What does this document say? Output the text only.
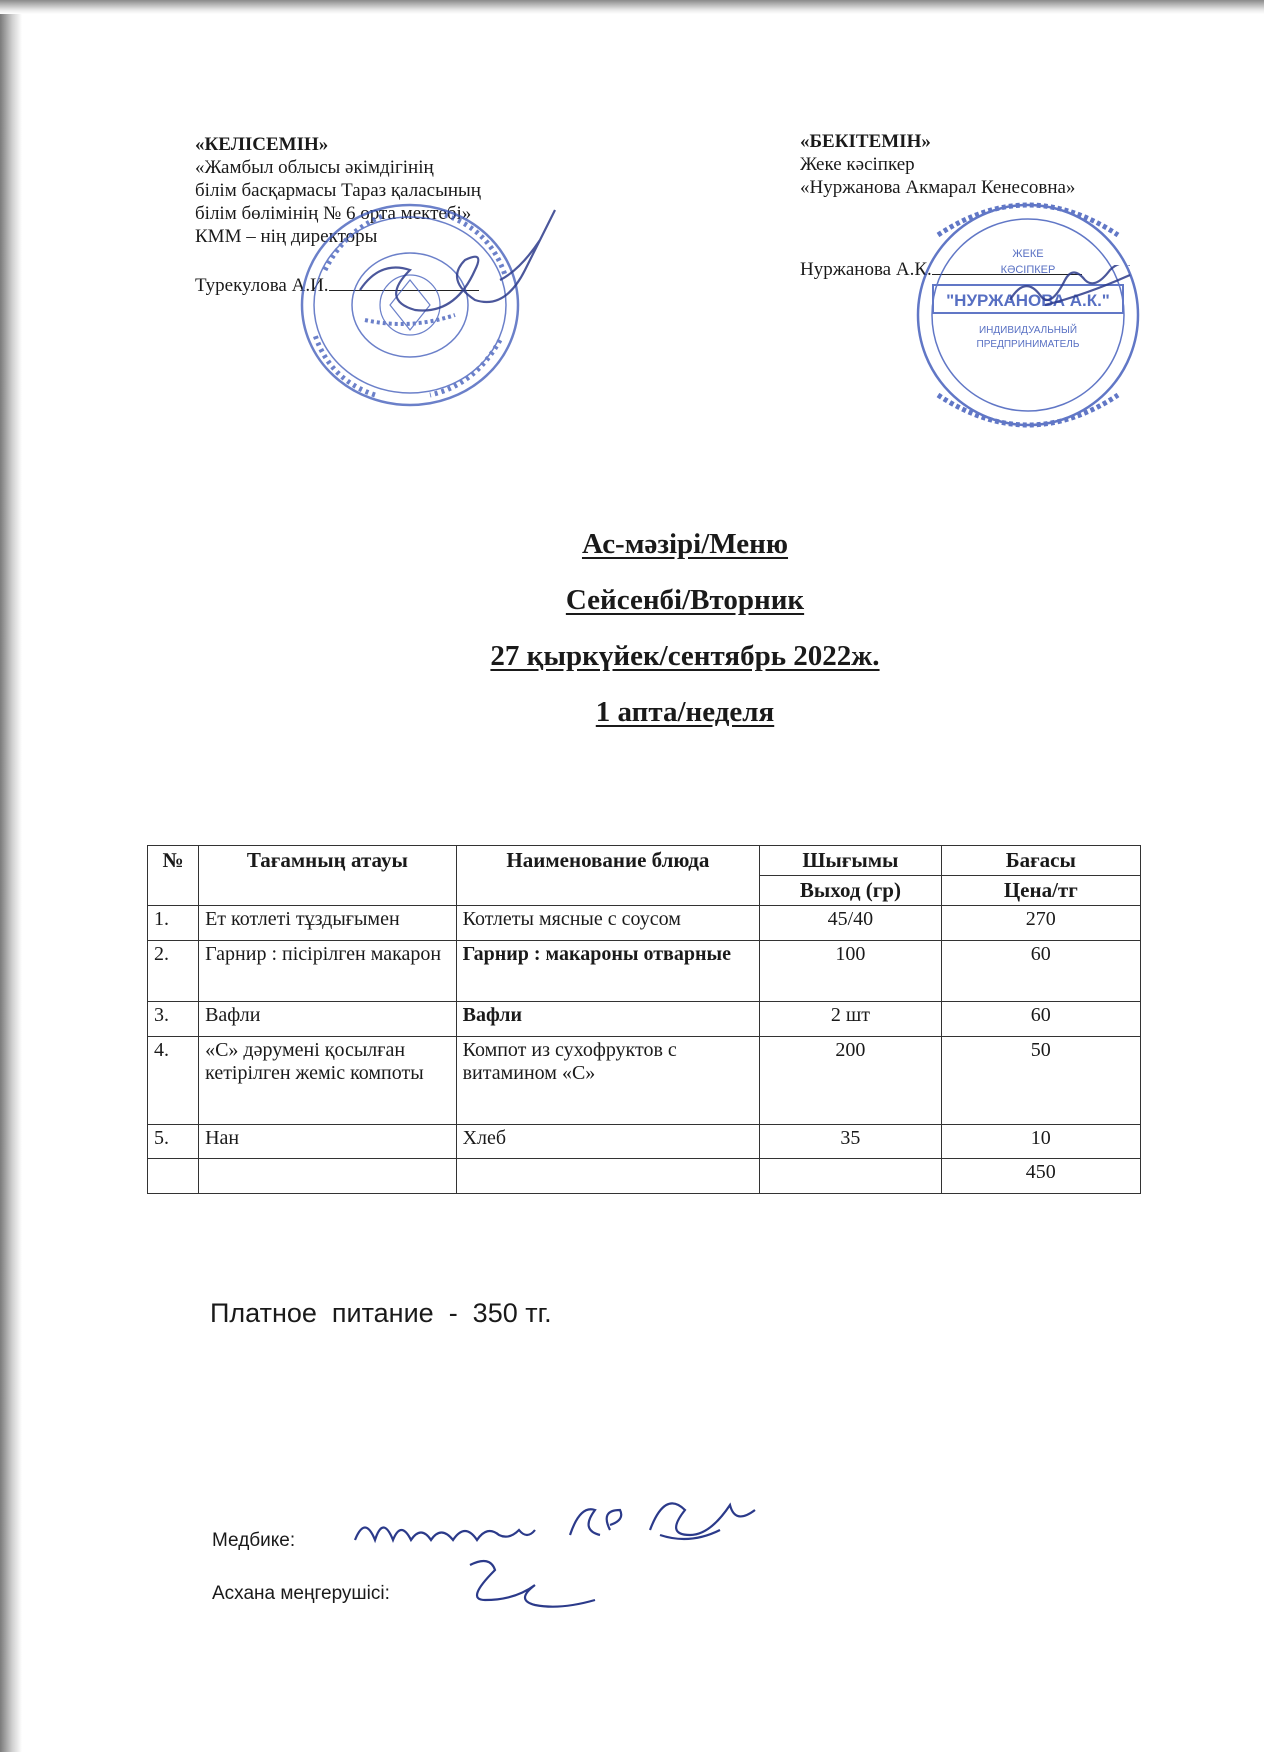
«КЕЛІСЕМІН»
«Жамбыл облысы әкімдігінің
білім басқармасы Тараз қаласының
білім бөлімінің № 6 орта мектебі»
КММ – нің директоры
Турекулова А.И.
«БЕКІТЕМІН»
Жеке кәсіпкер
«Нуржанова Акмарал Кенесовна»
Нуржанова А.К.
ЖЕКЕ
КӘСІПКЕР
"НУРЖАНОВА А.К."
ИНДИВИДУАЛЬНЫЙ
ПРЕДПРИНИМАТЕЛЬ
Ас-мәзірі/Меню
Сейсенбі/Вторник
27 қыркүйек/сентябрь 2022ж.
1 апта/неделя
№	Тағамның атауы	Наименование блюда	Шығымы	Бағасы
			Выход (гр)	Цена/тг
1.	Ет котлеті тұздығымен	Котлеты мясные с соусом	45/40	270
2.	Гарнир : пісірілген макарон	Гарнир : макароны отварные	100	60
3.	Вафли	Вафли	2 шт	60
4.	«С» дәрумені қосылған кетірілген жеміс компоты	Компот из сухофруктов с витамином «С»	200	50
5.	Нан	Хлеб	35	10
				450
Платное  питание  -  350 тг.
Медбике:
Асхана меңгерушісі:
